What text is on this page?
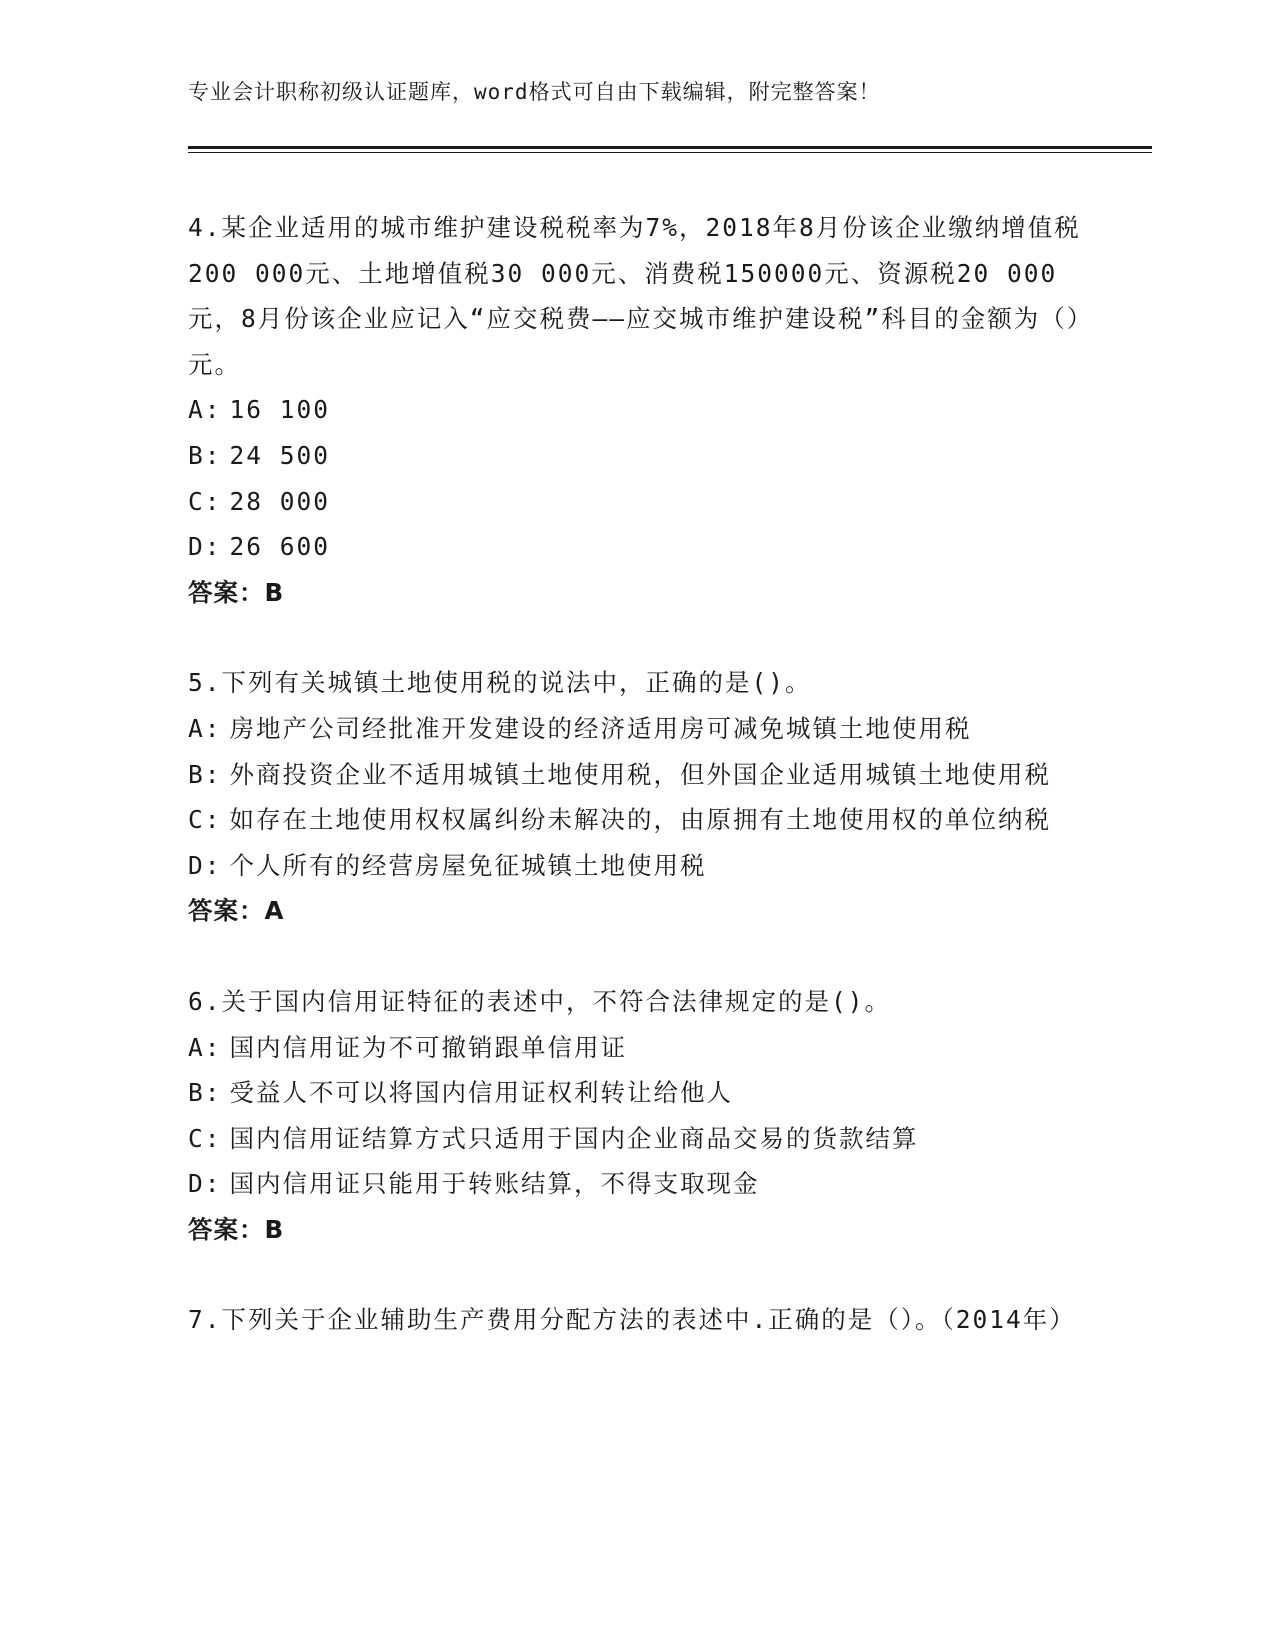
专业会计职称初级认证题库，word格式可自由下载编辑，附完整答案！

4.某企业适用的城市维护建设税税率为7%，2018年8月份该企业缴纳增值税200 000元、土地增值税30 000元、消费税150000元、资源税20 000元，8月份该企业应记入“应交税费——应交城市维护建设税”科目的金额为（）元。

A: 16 100

B: 24 500

C: 28 000

D: 26 600

答案：B

5.下列有关城镇土地使用税的说法中，正确的是()。

A: 房地产公司经批准开发建设的经济适用房可减免城镇土地使用税

B: 外商投资企业不适用城镇土地使用税，但外国企业适用城镇土地使用税

C: 如存在土地使用权权属纠纷未解决的，由原拥有土地使用权的单位纳税

D: 个人所有的经营房屋免征城镇土地使用税

答案：A

6.关于国内信用证特征的表述中，不符合法律规定的是()。

A: 国内信用证为不可撤销跟单信用证

B: 受益人不可以将国内信用证权利转让给他人

C: 国内信用证结算方式只适用于国内企业商品交易的货款结算

D: 国内信用证只能用于转账结算，不得支取现金

答案：B

7.下列关于企业辅助生产费用分配方法的表述中.正确的是（）。（2014年）
